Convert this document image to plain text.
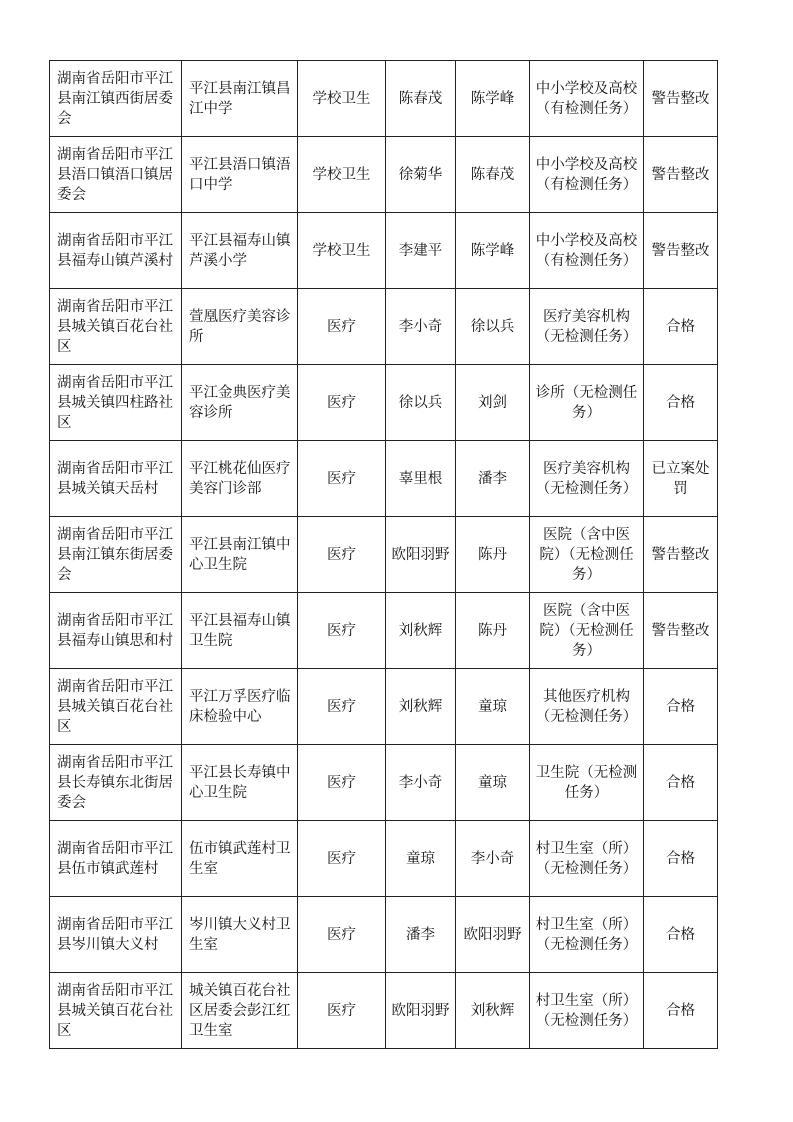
湖南省岳阳市平江县南江镇西街居委会	平江县南江镇昌江中学	学校卫生	陈春茂	陈学峰	中小学校及高校（有检测任务）	警告整改
湖南省岳阳市平江县浯口镇浯口镇居委会	平江县浯口镇浯口中学	学校卫生	徐菊华	陈春茂	中小学校及高校（有检测任务）	警告整改
湖南省岳阳市平江县福寿山镇芦溪村	平江县福寿山镇芦溪小学	学校卫生	李建平	陈学峰	中小学校及高校（有检测任务）	警告整改
湖南省岳阳市平江县城关镇百花台社区	萱凰医疗美容诊所	医疗	李小奇	徐以兵	医疗美容机构（无检测任务）	合格
湖南省岳阳市平江县城关镇四柱路社区	平江金典医疗美容诊所	医疗	徐以兵	刘剑	诊所（无检测任务）	合格
湖南省岳阳市平江县城关镇天岳村	平江桃花仙医疗美容门诊部	医疗	辜里根	潘李	医疗美容机构（无检测任务）	已立案处罚
湖南省岳阳市平江县南江镇东街居委会	平江县南江镇中心卫生院	医疗	欧阳羽野	陈丹	医院（含中医院）（无检测任务）	警告整改
湖南省岳阳市平江县福寿山镇思和村	平江县福寿山镇卫生院	医疗	刘秋辉	陈丹	医院（含中医院）（无检测任务）	警告整改
湖南省岳阳市平江县城关镇百花台社区	平江万孚医疗临床检验中心	医疗	刘秋辉	童琼	其他医疗机构（无检测任务）	合格
湖南省岳阳市平江县长寿镇东北街居委会	平江县长寿镇中心卫生院	医疗	李小奇	童琼	卫生院（无检测任务）	合格
湖南省岳阳市平江县伍市镇武莲村	伍市镇武莲村卫生室	医疗	童琼	李小奇	村卫生室（所）（无检测任务）	合格
湖南省岳阳市平江县岑川镇大义村	岑川镇大义村卫生室	医疗	潘李	欧阳羽野	村卫生室（所）（无检测任务）	合格
湖南省岳阳市平江县城关镇百花台社区	城关镇百花台社区居委会彭江红卫生室	医疗	欧阳羽野	刘秋辉	村卫生室（所）（无检测任务）	合格
